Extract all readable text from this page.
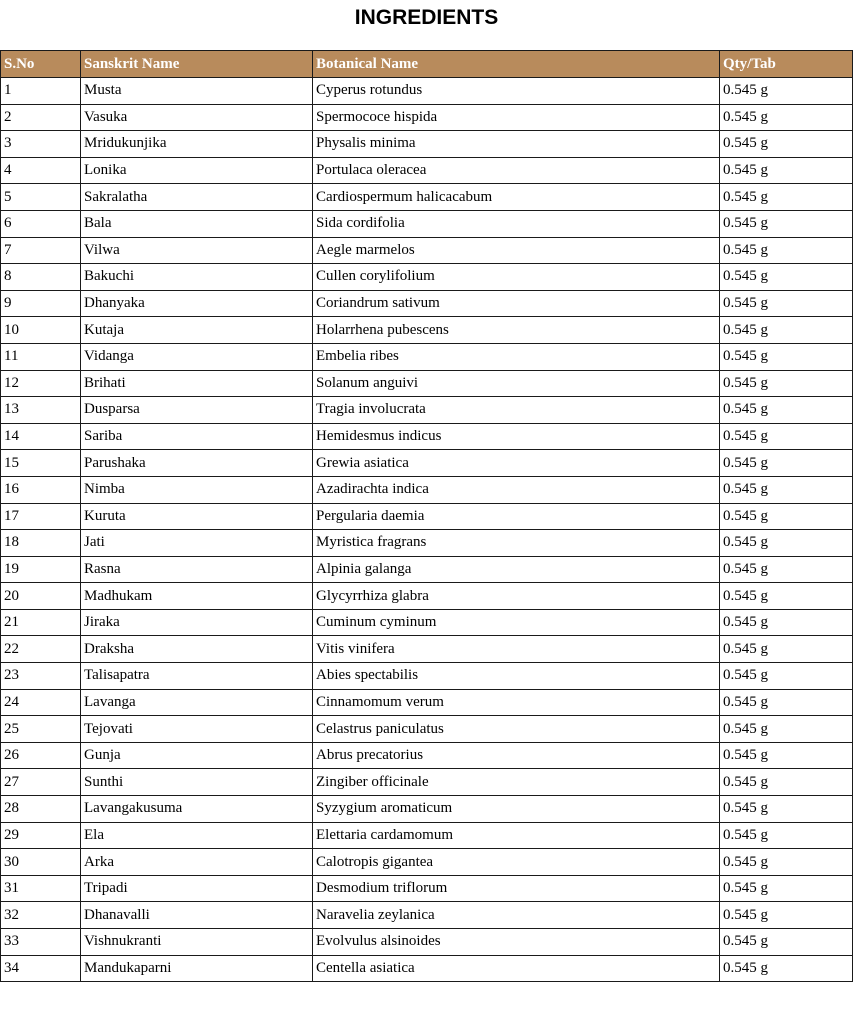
INGREDIENTS
S.No	Sanskrit Name	Botanical Name	Qty/Tab
1	Musta	Cyperus rotundus	0.545 g
2	Vasuka	Spermococe hispida	0.545 g
3	Mridukunjika	Physalis minima	0.545 g
4	Lonika	Portulaca oleracea	0.545 g
5	Sakralatha	Cardiospermum halicacabum	0.545 g
6	Bala	Sida cordifolia	0.545 g
7	Vilwa	Aegle marmelos	0.545 g
8	Bakuchi	Cullen corylifolium	0.545 g
9	Dhanyaka	Coriandrum sativum	0.545 g
10	Kutaja	Holarrhena pubescens	0.545 g
11	Vidanga	Embelia ribes	0.545 g
12	Brihati	Solanum anguivi	0.545 g
13	Dusparsa	Tragia involucrata	0.545 g
14	Sariba	Hemidesmus indicus	0.545 g
15	Parushaka	Grewia asiatica	0.545 g
16	Nimba	Azadirachta indica	0.545 g
17	Kuruta	Pergularia daemia	0.545 g
18	Jati	Myristica fragrans	0.545 g
19	Rasna	Alpinia galanga	0.545 g
20	Madhukam	Glycyrrhiza glabra	0.545 g
21	Jiraka	Cuminum cyminum	0.545 g
22	Draksha	Vitis vinifera	0.545 g
23	Talisapatra	Abies spectabilis	0.545 g
24	Lavanga	Cinnamomum verum	0.545 g
25	Tejovati	Celastrus paniculatus	0.545 g
26	Gunja	Abrus precatorius	0.545 g
27	Sunthi	Zingiber officinale	0.545 g
28	Lavangakusuma	Syzygium aromaticum	0.545 g
29	Ela	Elettaria cardamomum	0.545 g
30	Arka	Calotropis gigantea	0.545 g
31	Tripadi	Desmodium triflorum	0.545 g
32	Dhanavalli	Naravelia zeylanica	0.545 g
33	Vishnukranti	Evolvulus alsinoides	0.545 g
34	Mandukaparni	Centella asiatica	0.545 g
